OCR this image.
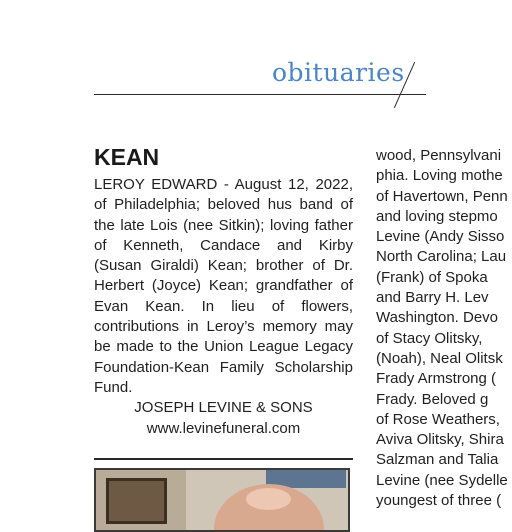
obituaries
KEAN

LEROY EDWARD - August 12, 2022, of Philadelphia; beloved hus band of the late Lois (nee Sitkin); loving father of Kenneth, Candace and Kirby (Susan Giraldi) Kean; brother of Dr. Herbert (Joyce) Kean; grandfather of Evan Kean. In lieu of flowers, contributions in Leroy’s memory may be made to the Union League Legacy Foundation-Kean Family Scholarship Fund.

JOSEPH LEVINE & SONS

www.levinefuneral.com

wood, Pennsylvani

phia. Loving mothe

of Havertown, Penn

and loving stepmo

Levine (Andy Sisso

North Carolina; Lau

(Frank) of Spoka

and Barry H. Lev

Washington. Devo

of Stacy Olitsky,

(Noah), Neal Olitsk

Frady Armstrong (

Frady. Beloved g

of Rose Weathers,

Aviva Olitsky, Shira

Salzman and Talia

Levine (nee Sydelle

youngest of three (
